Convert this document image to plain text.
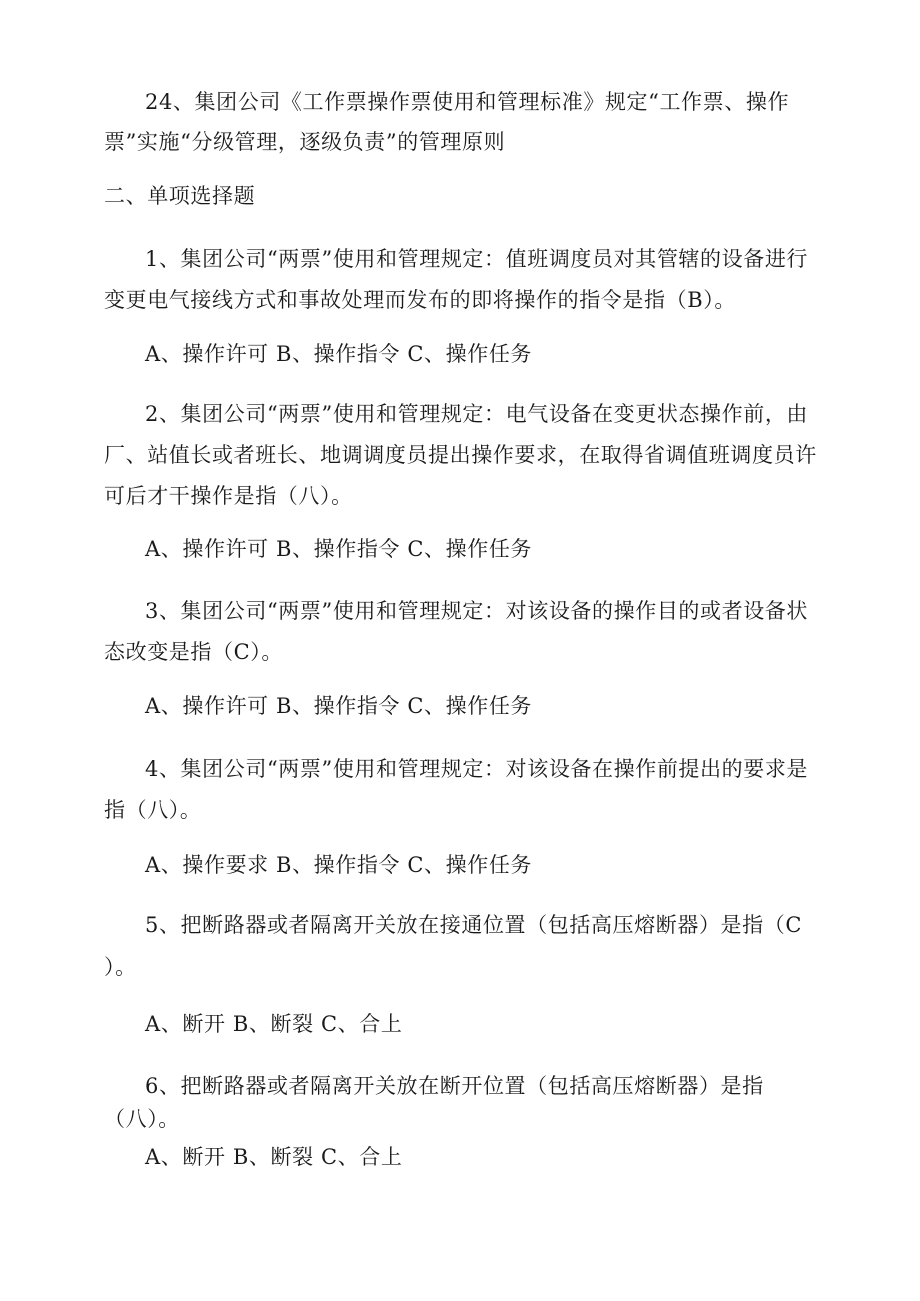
24、集团公司《工作票操作票使用和管理标准》规定“工作票、操作
票”实施“分级管理，逐级负责”的管理原则
二、单项选择题
1、集团公司“两票”使用和管理规定：值班调度员对其管辖的设备进行
变更电气接线方式和事故处理而发布的即将操作的指令是指（B）。
A、操作许可 B、操作指令 C、操作任务
2、集团公司“两票”使用和管理规定：电气设备在变更状态操作前，由
厂、站值长或者班长、地调调度员提出操作要求，在取得省调值班调度员许
可后才干操作是指（八）。
A、操作许可 B、操作指令 C、操作任务
3、集团公司“两票”使用和管理规定：对该设备的操作目的或者设备状
态改变是指（C）。
A、操作许可 B、操作指令 C、操作任务
4、集团公司“两票”使用和管理规定：对该设备在操作前提出的要求是
指（八）。
A、操作要求 B、操作指令 C、操作任务
5、把断路器或者隔离开关放在接通位置（包括高压熔断器）是指（C
）。
A、断开 B、断裂 C、合上
6、把断路器或者隔离开关放在断开位置（包括高压熔断器）是指
（八）。
A、断开 B、断裂 C、合上
